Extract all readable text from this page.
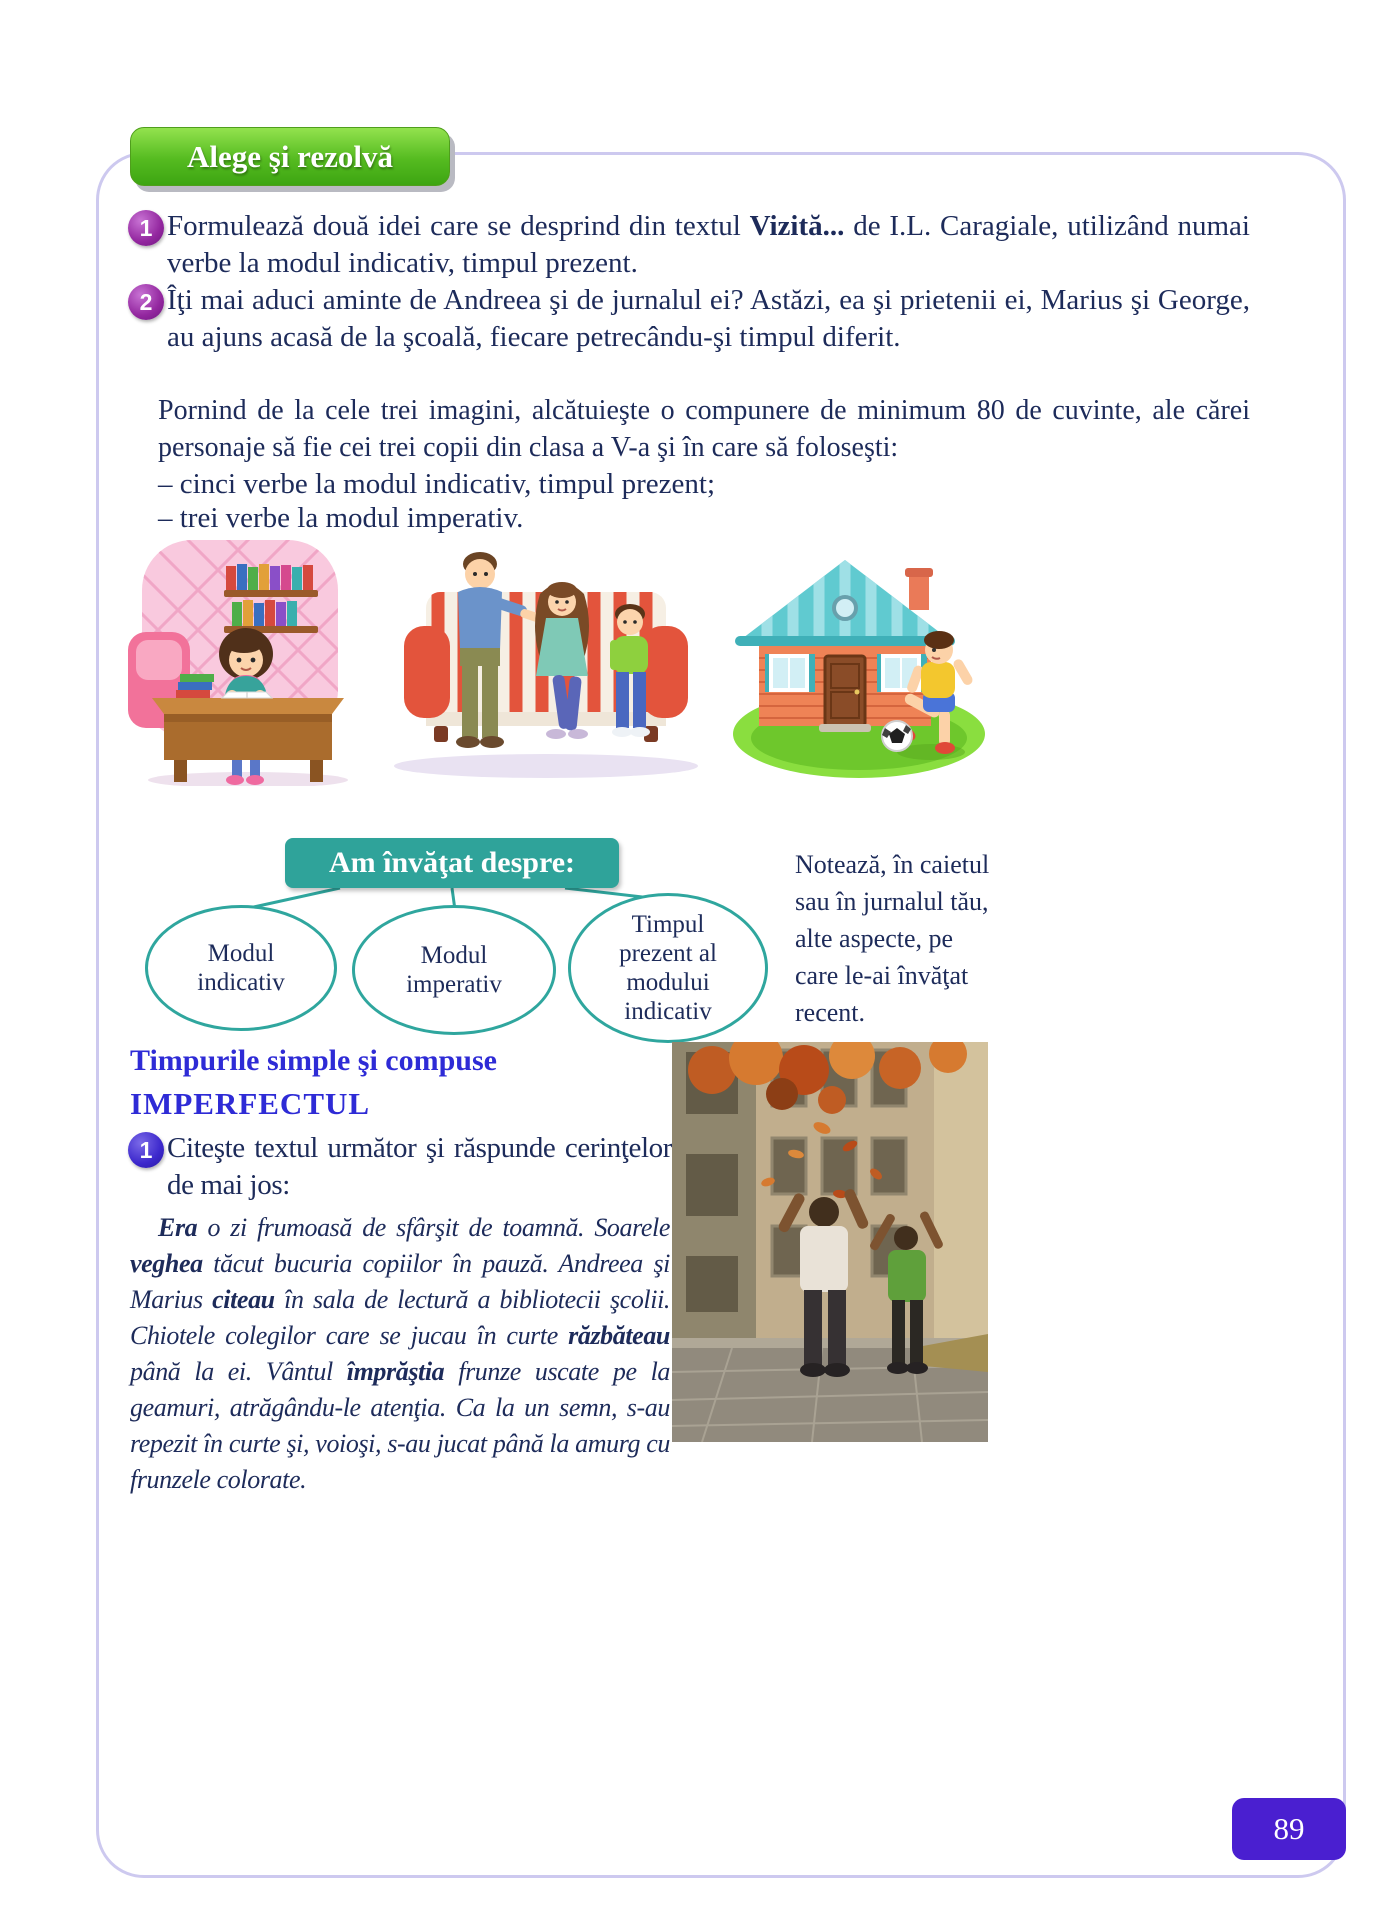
Alege şi rezolvă
1 Formulează două idei care se desprind din textul Vizită... de I.L. Caragiale, utilizând numai verbe la modul indicativ, timpul prezent.

2 Îţi mai aduci aminte de Andreea şi de jurnalul ei? Astăzi, ea şi prietenii ei, Marius şi George, au ajuns acasă de la şcoală, fiecare petrecându-şi timpul diferit.

Pornind de la cele trei imagini, alcătuieşte o compunere de minimum 80 de cuvinte, ale cărei personaje să fie cei trei copii din clasa a V-a şi în care să foloseşti:

– cinci verbe la modul indicativ, timpul prezent;

– trei verbe la modul imperativ.

Am învăţat despre:
Modul indicativ
Modul imperativ
Timpul prezent al modului indicativ

Notează, în caietul sau în jurnalul tău, alte aspecte, pe care le-ai învăţat recent.

Timpurile simple şi compuse
IMPERFECTUL
1 Citeşte textul următor şi răspunde cerinţelor de mai jos:

Era o zi frumoasă de sfârşit de toamnă. Soarele veghea tăcut bucuria copiilor în pauză. Andreea şi Marius citeau în sala de lectură a bibliotecii şcolii. Chiotele colegilor care se jucau în curte răzbăteau până la ei. Vântul împrăştia frunze uscate pe la geamuri, atrăgându-le atenţia. Ca la un semn, s-au repezit în curte şi, voioşi, s-au jucat până la amurg cu frunzele colorate.

89
